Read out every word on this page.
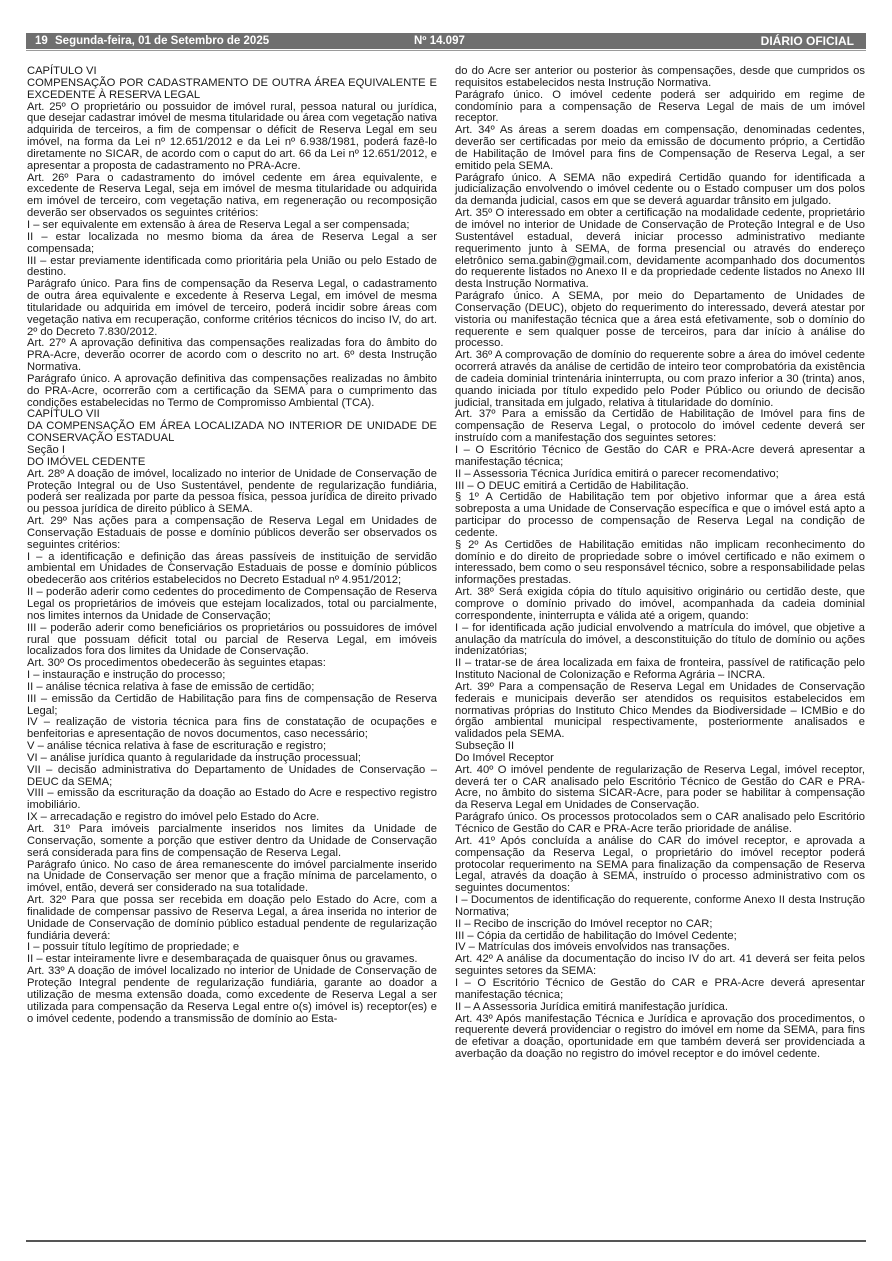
19 Segunda-feira, 01 de Setembro de 2025	Nº 14.097	DIÁRIO OFICIAL

CAPÍTULO VI

COMPENSAÇÃO POR CADASTRAMENTO DE OUTRA ÁREA EQUIVALENTE E EXCEDENTE À RESERVA LEGAL

Art. 25º O proprietário ou possuidor de imóvel rural, pessoa natural ou jurídica, que desejar cadastrar imóvel de mesma titularidade ou área com vegetação nativa adquirida de terceiros, a fim de compensar o déficit de Reserva Legal em seu imóvel, na forma da Lei nº 12.651/2012 e da Lei nº 6.938/1981, poderá fazê-lo diretamente no SICAR, de acordo com o caput do art. 66 da Lei nº 12.651/2012, e apresentar a proposta de cadastramento no PRA-Acre.

Art. 26º Para o cadastramento do imóvel cedente em área equivalente, e excedente de Reserva Legal, seja em imóvel de mesma titularidade ou adquirida em imóvel de terceiro, com vegetação nativa, em regeneração ou recomposição deverão ser observados os seguintes critérios:

I – ser equivalente em extensão à área de Reserva Legal a ser compensada;

II – estar localizada no mesmo bioma da área de Reserva Legal a ser compensada;

III – estar previamente identificada como prioritária pela União ou pelo Estado de destino.

Parágrafo único. Para fins de compensação da Reserva Legal, o cadastramento de outra área equivalente e excedente à Reserva Legal, em imóvel de mesma titularidade ou adquirida em imóvel de terceiro, poderá incidir sobre áreas com vegetação nativa em recuperação, conforme critérios técnicos do inciso IV, do art. 2º do Decreto 7.830/2012.

Art. 27º A aprovação definitiva das compensações realizadas fora do âmbito do PRA-Acre, deverão ocorrer de acordo com o descrito no art. 6º desta Instrução Normativa.

Parágrafo único. A aprovação definitiva das compensações realizadas no âmbito do PRA-Acre, ocorrerão com a certificação da SEMA para o cumprimento das condições estabelecidas no Termo de Compromisso Ambiental (TCA).

CAPÍTULO VII

DA COMPENSAÇÃO EM ÁREA LOCALIZADA NO INTERIOR DE UNIDADE DE CONSERVAÇÃO ESTADUAL

Seção I

DO IMÓVEL CEDENTE

Art. 28º A doação de imóvel, localizado no interior de Unidade de Conservação de Proteção Integral ou de Uso Sustentável, pendente de regularização fundiária, poderá ser realizada por parte da pessoa física, pessoa jurídica de direito privado ou pessoa jurídica de direito público à SEMA.

Art. 29º Nas ações para a compensação de Reserva Legal em Unidades de Conservação Estaduais de posse e domínio públicos deverão ser observados os seguintes critérios:

I – a identificação e definição das áreas passíveis de instituição de servidão ambiental em Unidades de Conservação Estaduais de posse e domínio públicos obedecerão aos critérios estabelecidos no Decreto Estadual nº 4.951/2012;

II – poderão aderir como cedentes do procedimento de Compensação de Reserva Legal os proprietários de imóveis que estejam localizados, total ou parcialmente, nos limites internos da Unidade de Conservação;

III – poderão aderir como beneficiários os proprietários ou possuidores de imóvel rural que possuam déficit total ou parcial de Reserva Legal, em imóveis localizados fora dos limites da Unidade de Conservação.

Art. 30º Os procedimentos obedecerão às seguintes etapas:

I – instauração e instrução do processo;

II – análise técnica relativa à fase de emissão de certidão;

III – emissão da Certidão de Habilitação para fins de compensação de Reserva Legal;

IV – realização de vistoria técnica para fins de constatação de ocupações e benfeitorias e apresentação de novos documentos, caso necessário;

V – análise técnica relativa à fase de escrituração e registro;

VI – análise jurídica quanto à regularidade da instrução processual;

VII – decisão administrativa do Departamento de Unidades de Conservação – DEUC da SEMA;

VIII – emissão da escrituração da doação ao Estado do Acre e respectivo registro imobiliário.

IX – arrecadação e registro do imóvel pelo Estado do Acre.

Art. 31º Para imóveis parcialmente inseridos nos limites da Unidade de Conservação, somente a porção que estiver dentro da Unidade de Conservação será considerada para fins de compensação de Reserva Legal.

Parágrafo único. No caso de área remanescente do imóvel parcialmente inserido na Unidade de Conservação ser menor que a fração mínima de parcelamento, o imóvel, então, deverá ser considerado na sua totalidade.

Art. 32º Para que possa ser recebida em doação pelo Estado do Acre, com a finalidade de compensar passivo de Reserva Legal, a área inserida no interior de Unidade de Conservação de domínio público estadual pendente de regularização fundiária deverá:

I – possuir título legítimo de propriedade; e

II – estar inteiramente livre e desembaraçada de quaisquer ônus ou gravames.

Art. 33º A doação de imóvel localizado no interior de Unidade de Conservação de Proteção Integral pendente de regularização fundiária, garante ao doador a utilização de mesma extensão doada, como excedente de Reserva Legal a ser utilizada para compensação da Reserva Legal entre o(s) imóvel is) receptor(es) e o imóvel cedente, podendo a transmissão de domínio ao Esta-

do do Acre ser anterior ou posterior às compensações, desde que cumpridos os requisitos estabelecidos nesta Instrução Normativa.

Parágrafo único. O imóvel cedente poderá ser adquirido em regime de condomínio para a compensação de Reserva Legal de mais de um imóvel receptor.

Art. 34º As áreas a serem doadas em compensação, denominadas cedentes, deverão ser certificadas por meio da emissão de documento próprio, a Certidão de Habilitação de Imóvel para fins de Compensação de Reserva Legal, a ser emitido pela SEMA.

Parágrafo único. A SEMA não expedirá Certidão quando for identificada a judicialização envolvendo o imóvel cedente ou o Estado compuser um dos polos da demanda judicial, casos em que se deverá aguardar trânsito em julgado.

Art. 35º O interessado em obter a certificação na modalidade cedente, proprietário de imóvel no interior de Unidade de Conservação de Proteção Integral e de Uso Sustentável estadual, deverá iniciar processo administrativo mediante requerimento junto à SEMA, de forma presencial ou através do endereço eletrônico sema.gabin@gmail.com, devidamente acompanhado dos documentos do requerente listados no Anexo II e da propriedade cedente listados no Anexo III desta Instrução Normativa.

Parágrafo único. A SEMA, por meio do Departamento de Unidades de Conservação (DEUC), objeto do requerimento do interessado, deverá atestar por vistoria ou manifestação técnica que a área está efetivamente, sob o domínio do requerente e sem qualquer posse de terceiros, para dar início à análise do processo.

Art. 36º A comprovação de domínio do requerente sobre a área do imóvel cedente ocorrerá através da análise de certidão de inteiro teor comprobatória da existência de cadeia dominial trintenária ininterrupta, ou com prazo inferior a 30 (trinta) anos, quando iniciada por título expedido pelo Poder Público ou oriundo de decisão judicial, transitada em julgado, relativa à titularidade do domínio.

Art. 37º Para a emissão da Certidão de Habilitação de Imóvel para fins de compensação de Reserva Legal, o protocolo do imóvel cedente deverá ser instruído com a manifestação dos seguintes setores:

I – O Escritório Técnico de Gestão do CAR e PRA-Acre deverá apresentar a manifestação técnica;

II – Assessoria Técnica Jurídica emitirá o parecer recomendativo;

III – O DEUC emitirá a Certidão de Habilitação.

§ 1º A Certidão de Habilitação tem por objetivo informar que a área está sobreposta a uma Unidade de Conservação específica e que o imóvel está apto a participar do processo de compensação de Reserva Legal na condição de cedente.

§ 2º As Certidões de Habilitação emitidas não implicam reconhecimento do domínio e do direito de propriedade sobre o imóvel certificado e não eximem o interessado, bem como o seu responsável técnico, sobre a responsabilidade pelas informações prestadas.

Art. 38º Será exigida cópia do título aquisitivo originário ou certidão deste, que comprove o domínio privado do imóvel, acompanhada da cadeia dominial correspondente, ininterrupta e válida até a origem, quando:

I – for identificada ação judicial envolvendo a matrícula do imóvel, que objetive a anulação da matrícula do imóvel, a desconstituição do título de domínio ou ações indenizatórias;

II – tratar-se de área localizada em faixa de fronteira, passível de ratificação pelo Instituto Nacional de Colonização e Reforma Agrária – INCRA.

Art. 39º Para a compensação de Reserva Legal em Unidades de Conservação federais e municipais deverão ser atendidos os requisitos estabelecidos em normativas próprias do Instituto Chico Mendes da Biodiversidade – ICMBio e do órgão ambiental municipal respectivamente, posteriormente analisados e validados pela SEMA.

Subseção II

Do Imóvel Receptor

Art. 40º O imóvel pendente de regularização de Reserva Legal, imóvel receptor, deverá ter o CAR analisado pelo Escritório Técnico de Gestão do CAR e PRA-Acre, no âmbito do sistema SICAR-Acre, para poder se habilitar à compensação da Reserva Legal em Unidades de Conservação.

Parágrafo único. Os processos protocolados sem o CAR analisado pelo Escritório Técnico de Gestão do CAR e PRA-Acre terão prioridade de análise.

Art. 41º Após concluída a análise do CAR do imóvel receptor, e aprovada a compensação da Reserva Legal, o proprietário do imóvel receptor poderá protocolar requerimento na SEMA para finalização da compensação de Reserva Legal, através da doação à SEMA, instruído o processo administrativo com os seguintes documentos:

I – Documentos de identificação do requerente, conforme Anexo II desta Instrução Normativa;

II – Recibo de inscrição do Imóvel receptor no CAR;

III – Cópia da certidão de habilitação do Imóvel Cedente;

IV – Matrículas dos imóveis envolvidos nas transações.

Art. 42º A análise da documentação do inciso IV do art. 41 deverá ser feita pelos seguintes setores da SEMA:

I – O Escritório Técnico de Gestão do CAR e PRA-Acre deverá apresentar manifestação técnica;

II – A Assessoria Jurídica emitirá manifestação jurídica.

Art. 43º Após manifestação Técnica e Jurídica e aprovação dos procedimentos, o requerente deverá providenciar o registro do imóvel em nome da SEMA, para fins de efetivar a doação, oportunidade em que também deverá ser providenciada a averbação da doação no registro do imóvel receptor e do imóvel cedente.
